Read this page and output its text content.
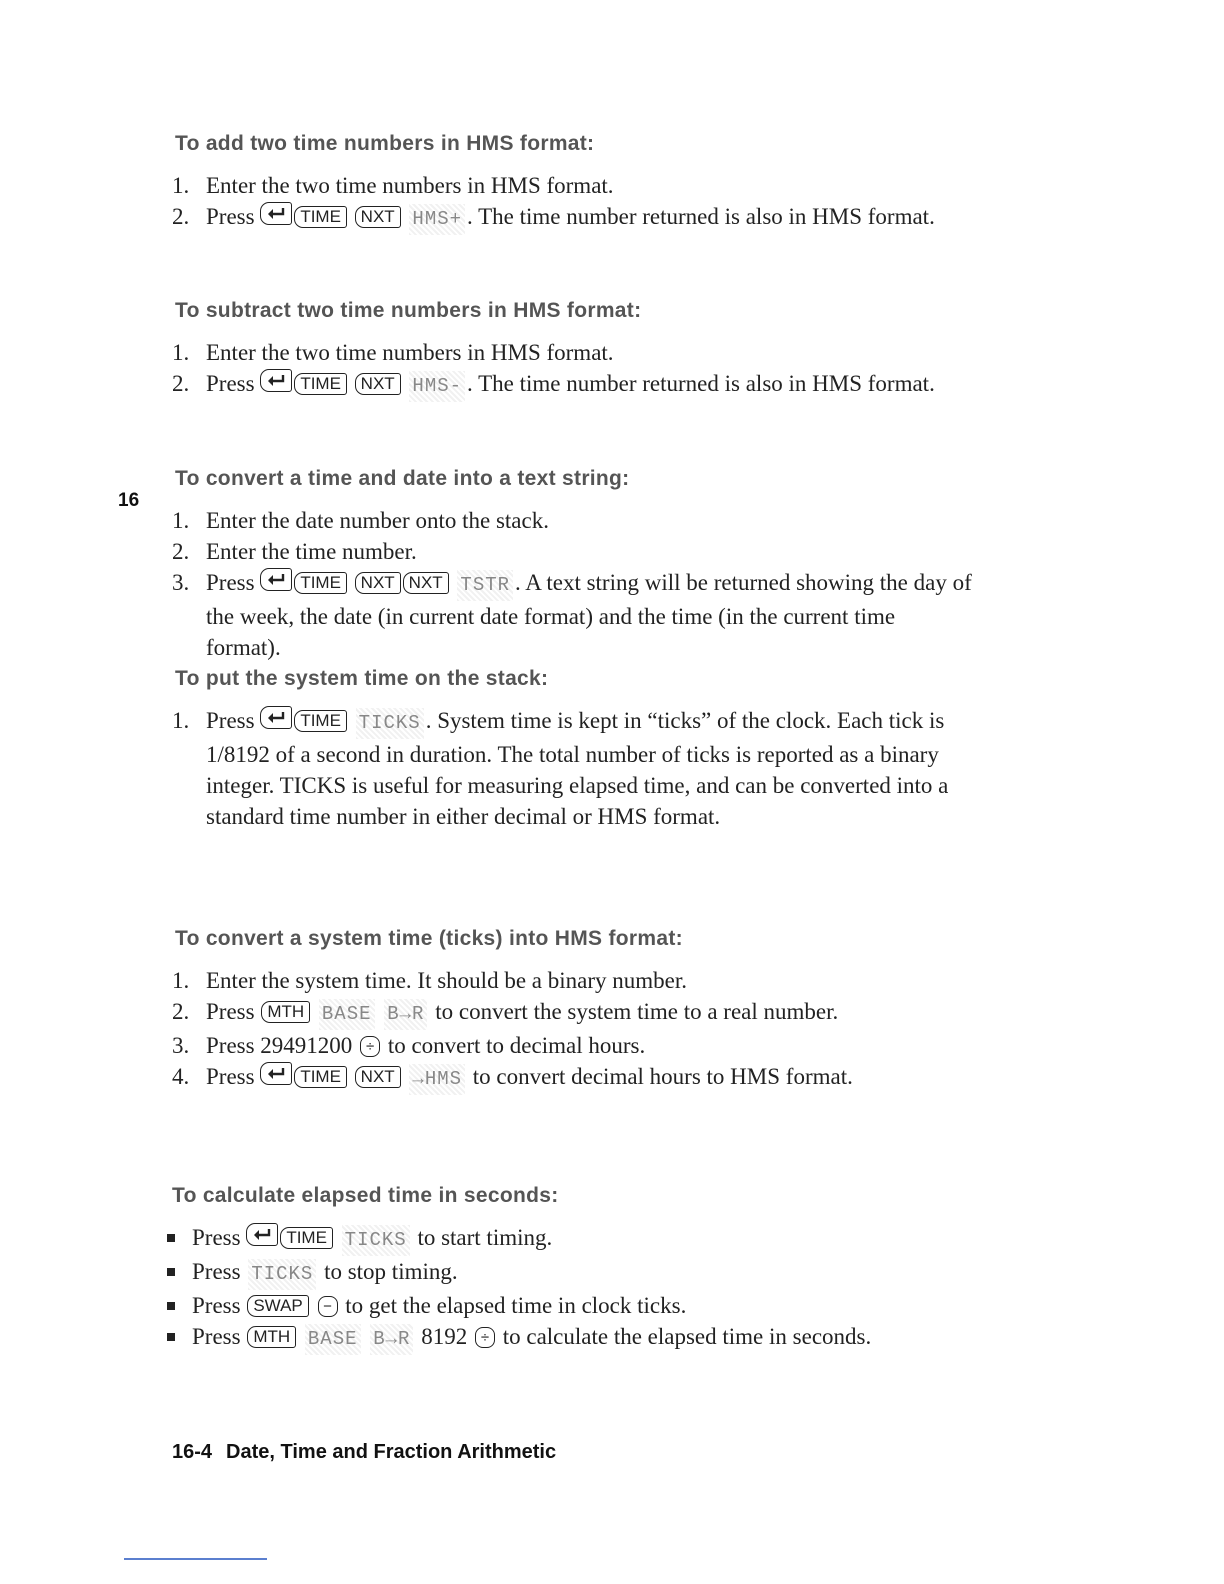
16
To add two time numbers in HMS format:
1. Enter the two time numbers in HMS format.
2. Press	TIME NXT HMS+ . The time number returned is also in HMS format.
To subtract two time numbers in HMS format:
1. Enter the two time numbers in HMS format.
2. Press	TIME NXT HMS- . The time number returned is also in HMS format.
To convert a time and date into a text string:
1. Enter the date number onto the stack.
2. Enter the time number.
3. Press	TIME NXT NXT TSTR . A text string will be returned showing the day of the week, the date (in current date format) and the time (in the current time format).
To put the system time on the stack:
1. Press	TIME TICKS . System time is kept in “ticks” of the clock. Each tick is 1/8192 of a second in duration. The total number of ticks is reported as a binary integer. TICKS is useful for measuring elapsed time, and can be converted into a standard time number in either decimal or HMS format.
To convert a system time (ticks) into HMS format:
1. Enter the system time. It should be a binary number.
2. Press MTH BASE B→R to convert the system time to a real number.
3. Press 29491200 ÷ to convert to decimal hours.
4. Press	TIME NXT →HMS to convert decimal hours to HMS format.
To calculate elapsed time in seconds:
Press	TIME TICKS to start timing.
Press TICKS to stop timing.
Press SWAP − to get the elapsed time in clock ticks.
Press MTH BASE B→R 8192 ÷ to calculate the elapsed time in seconds.
16-4 Date, Time and Fraction Arithmetic
